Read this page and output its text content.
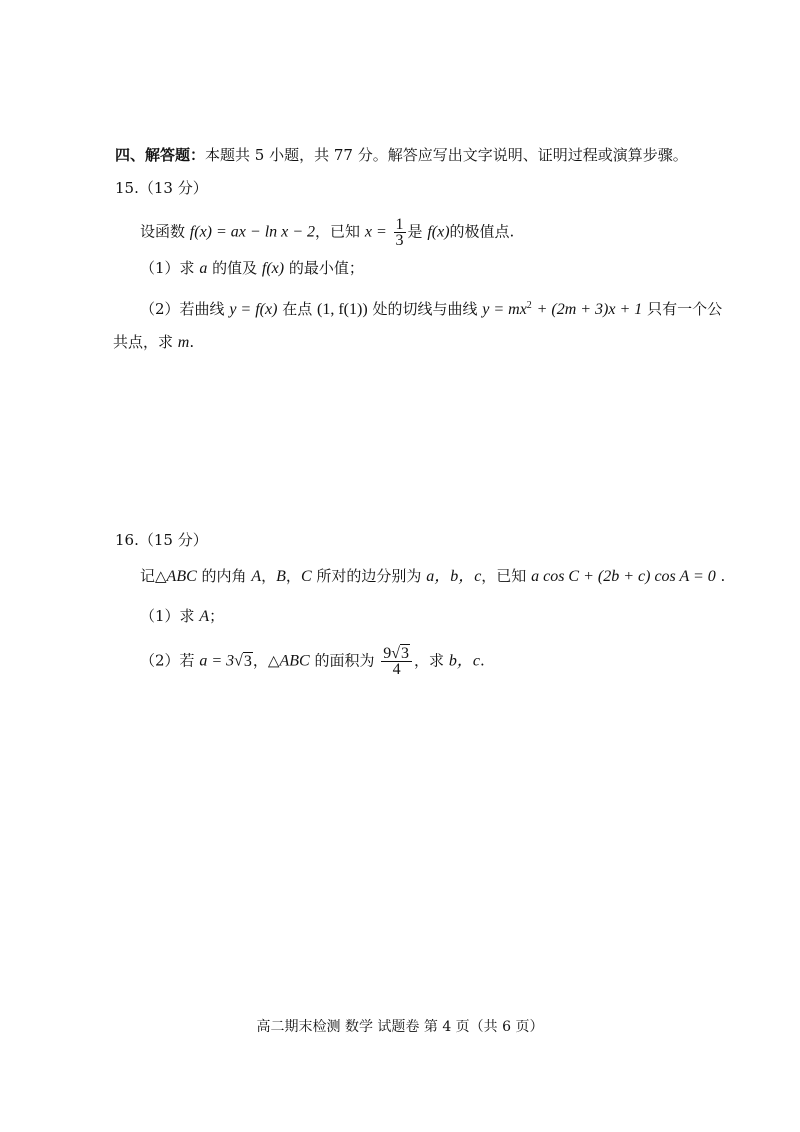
四、解答题：本题共 5 小题，共 77 分。解答应写出文字说明、证明过程或演算步骤。
15.（13 分）
设函数 f(x) = ax − ln x − 2，已知 $x = \frac{1}{3}$ 是 f(x)的极值点.
（1）求 a 的值及 f(x) 的最小值；
（2）若曲线 y = f(x) 在点 (1, f(1)) 处的切线与曲线 $y = mx^2 + (2m + 3)x + 1$ 只有一个公
共点，求 m.
16.（15 分）
记△ABC 的内角 A，B，C 所对的边分别为 a，b，c，已知 a cos C + (2b + c) cos A = 0 .
（1）求 A；
（2）若 a = 3√3，△ABC 的面积为 $\frac{9√3}{4}$ ，求 b，c.
高二期末检测 数学 试题卷 第 4 页（共 6 页）
